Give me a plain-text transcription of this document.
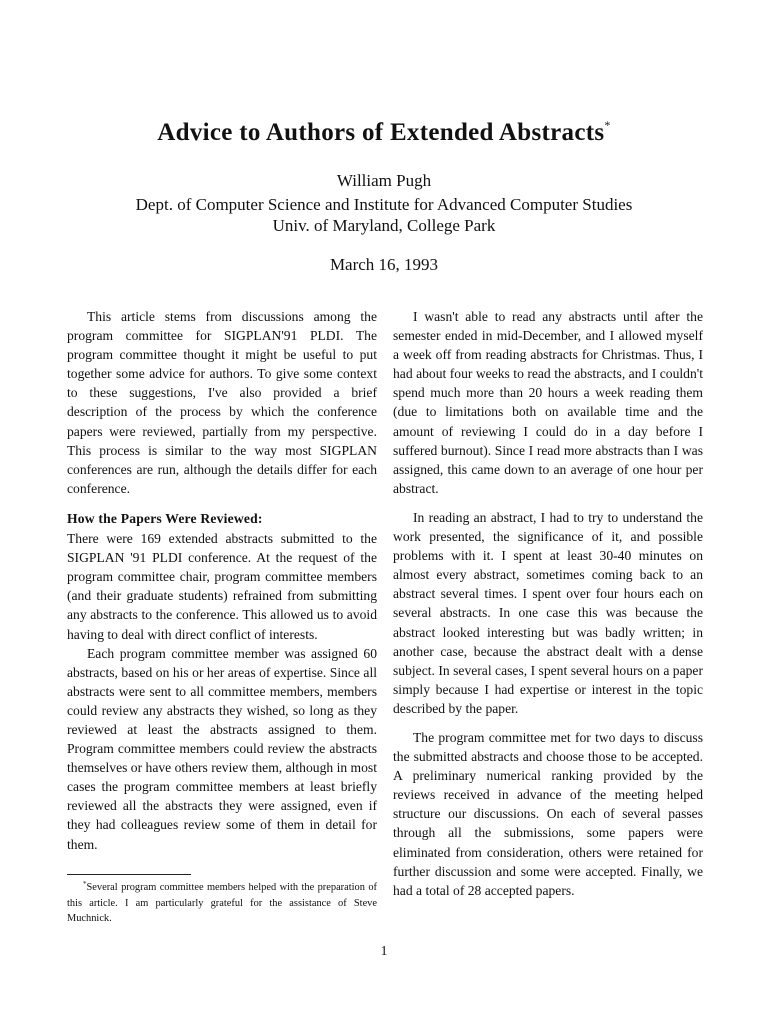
Advice to Authors of Extended Abstracts*
William Pugh
Dept. of Computer Science and Institute for Advanced Computer Studies
Univ. of Maryland, College Park
March 16, 1993

This article stems from discussions among the program committee for SIGPLAN'91 PLDI. The program committee thought it might be useful to put together some advice for authors. To give some context to these suggestions, I've also provided a brief description of the process by which the conference papers were reviewed, partially from my perspective. This process is similar to the way most SIGPLAN conferences are run, although the details differ for each conference.

How the Papers Were Reviewed:

There were 169 extended abstracts submitted to the SIGPLAN '91 PLDI conference. At the request of the program committee chair, program committee members (and their graduate students) refrained from submitting any abstracts to the conference. This allowed us to avoid having to deal with direct conflict of interests.

Each program committee member was assigned 60 abstracts, based on his or her areas of expertise. Since all abstracts were sent to all committee members, members could review any abstracts they wished, so long as they reviewed at least the abstracts assigned to them. Program committee members could review the abstracts themselves or have others review them, although in most cases the program committee members at least briefly reviewed all the abstracts they were assigned, even if they had colleagues review some of them in detail for them.

I wasn't able to read any abstracts until after the semester ended in mid-December, and I allowed myself a week off from reading abstracts for Christmas. Thus, I had about four weeks to read the abstracts, and I couldn't spend much more than 20 hours a week reading them (due to limitations both on available time and the amount of reviewing I could do in a day before I suffered burnout). Since I read more abstracts than I was assigned, this came down to an average of one hour per abstract.

In reading an abstract, I had to try to understand the work presented, the significance of it, and possible problems with it. I spent at least 30-40 minutes on almost every abstract, sometimes coming back to an abstract several times. I spent over four hours each on several abstracts. In one case this was because the abstract looked interesting but was badly written; in another case, because the abstract dealt with a dense subject. In several cases, I spent several hours on a paper simply because I had expertise or interest in the topic described by the paper.

The program committee met for two days to discuss the submitted abstracts and choose those to be accepted. A preliminary numerical ranking provided by the reviews received in advance of the meeting helped structure our discussions. On each of several passes through all the submissions, some papers were eliminated from consideration, others were retained for further discussion and some were accepted. Finally, we had a total of 28 accepted papers.

*Several program committee members helped with the preparation of this article. I am particularly grateful for the assistance of Steve Muchnick.
1
